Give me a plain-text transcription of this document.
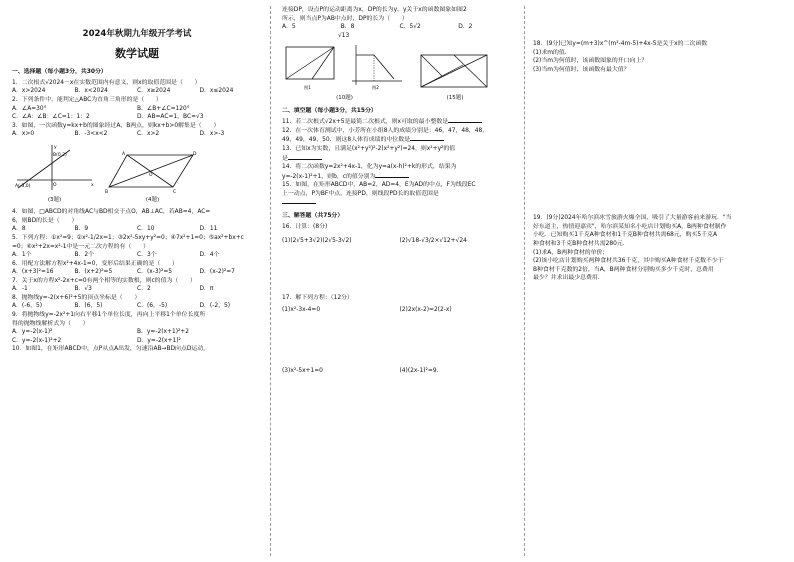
2024年秋期九年级开学考试
数学试题
一、选择题（每小题3分，共30分）
1．二次根式√2024－x在实数范围内有意义，则x的取值范围是（　　）
A．x>2024	B．x<2024	C．x≥2024	D．x≤2024
2．下列条件中，能判定△ABC为直角三角形的是（　　）
A．∠A=30°	B．∠B+∠C=120°
C．∠A：∠B：∠C=1：1：2	D．AB=AC=1，BC=√3
3．如图，一次函数y=kx+b的图象经过A、B两点，则kx+b>0解集是（　　）
A．x>0	B．-3<x<2	C．x>2	D．x>-3
B(0,2)
A(-3,0)	O	x
y
(3题)
A	D
B
O
C
(4题)
4．如图，□ABCD的对角线AC与BD相交于点O，AB⊥AC，若AB=4，AC=
6，则BD的长是（　　）
A．8	B．9	C．10	D．11
5．下列方程：①x²=9；②x²-1/2x=1；③2x²-5xy+y²=0；④7x²+1=0；⑤ax²+bx+c
=0；⑥x²+2x=x²-1中是一元二次方程的有（　　）
A．1个	B．2个	C．3个	D．4个
6．用配方法解方程x²+4x-1=0，变形后结果正确的是（　　）
A．(x+3)²=16	B．(x+2)²=5	C．(x-3)²=5	D．(x-2)²=7
7．关于x的方程x²-2x+c=0有两个相等的实数根，则c的值为（　　）
A．-1	B．√3	C．2	D．π
8．抛物线y=-2(x+6)²+5的顶点坐标是（　　）
A．(-6，5)	B．(6，5)	C．(6，-5)	D．(-2，5)
9．将抛物线y=-2x²+1向右平移1个单位长度，再向上平移1个单位长度所
得的抛物线解析式为（　　）
A．y=-2(x-1)²	B．y=-2(x+1)²+2
C．y=-2(x-1)²+2	D．y=-2(x+1)²
10．如图1，在矩形ABCD中，点P从点A出发，匀速沿AB→BD向点D运动，
连接DP，设点P的运动距离为x，DP的长为y，y关于x的函数图象如图2
所示，则当点P为AB中点时，DP的长为（　　）
A．5	B．8	C．5√2	D．2
√13
图1	图2
(10题)	(15题)
二、填空题（每小题3分，共15分）
11．若二次根式√2x+5是最简二次根式，则x可取的最小整数是
12．在一次体育测试中，小芳所在小组8人的成绩分别是：46，47，48，48，
49，49，49，50．则这8人体育成绩的中位数是
13．已知x为实数，且满足(x²+y²)²-2(x²+y²)=24，则x²+y²的值
是
14．将二次函数y=2x²+4x-1，化为y=a(x-h)²+k的形式，结果为
y=-2(x-1)²+1，则b，c的值分别为
15．如图，在矩形ABCD中，AB=2，AD=4，E为AD的中点，F为线段EC
上一动点，P为BF中点，连接PD，则线段PD长的取值范围是
三、解答题（共75分）
16．计算：(8分)
(1)(2√5+3√2)(2√5-3√2)	(2)√18-√3/2×√12+√24
17．解下列方程：（12分）
(1)x²-3x-4=0	(2)2x(x-2)=2(2-x)
(3)x²-5x+1=0	(4)(2x-1)²=9.
18．(9分)已知y=(m+3)x^(m²-4m-5)+4x-5是关于x的二次函数
(1)求m的值．
(2)当m为何值时，该函数图象的开口向上？
(3)当m为何值时，该函数有最大值？
19．(9分)2024年哈尔滨冰雪旅游火爆全国，吸引了大量游客前来游玩．"当
好东道主，热情迎嘉宾"，哈尔滨某知名小吃店计划购买A，B两种食材制作
小吃．已知购买1千克A种食材和1千克B种食材共需68元，购买5千克A
种食材和3千克B种食材共需280元．
(1)求A，B两种食材的单价；
(2)该小吃店计划购买两种食材共36千克，其中购买A种食材千克数不少于
B种食材千克数的2倍，当A，B两种食材分别购买多少千克时，总费用
最少？并求出最少总费用．
